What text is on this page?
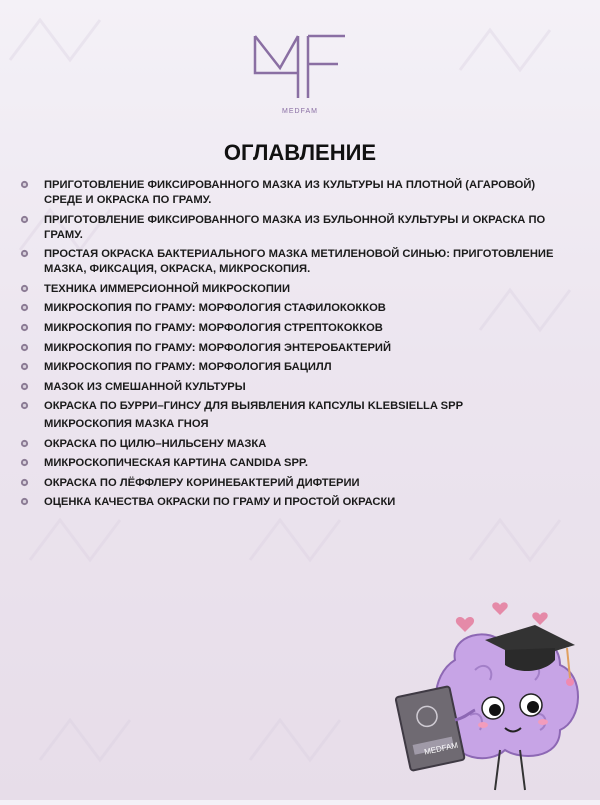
MEDFAM
ОГЛАВЛЕНИЕ
ПРИГОТОВЛЕНИЕ ФИКСИРОВАННОГО МАЗКА ИЗ КУЛЬТУРЫ НА ПЛОТНОЙ (АГАРОВОЙ) СРЕДЕ И ОКРАСКА ПО ГРАМУ.
ПРИГОТОВЛЕНИЕ ФИКСИРОВАННОГО МАЗКА ИЗ БУЛЬОННОЙ КУЛЬТУРЫ И ОКРАСКА ПО ГРАМУ.
ПРОСТАЯ ОКРАСКА БАКТЕРИАЛЬНОГО МАЗКА МЕТИЛЕНОВОЙ СИНЬЮ: ПРИГОТОВЛЕНИЕ МАЗКА, ФИКСАЦИЯ, ОКРАСКА, МИКРОСКОПИЯ.
ТЕХНИКА ИММЕРСИОННОЙ МИКРОСКОПИИ
МИКРОСКОПИЯ ПО ГРАМУ: МОРФОЛОГИЯ СТАФИЛОКОККОВ
МИКРОСКОПИЯ ПО ГРАМУ: МОРФОЛОГИЯ СТРЕПТОКОККОВ
МИКРОСКОПИЯ ПО ГРАМУ: МОРФОЛОГИЯ ЭНТЕРОБАКТЕРИЙ
МИКРОСКОПИЯ ПО ГРАМУ: МОРФОЛОГИЯ БАЦИЛЛ
МАЗОК ИЗ СМЕШАННОЙ КУЛЬТУРЫ
ОКРАСКА ПО БУРРИ–ГИНСУ ДЛЯ ВЫЯВЛЕНИЯ КАПСУЛЫ KLEBSIELLA SPP
МИКРОСКОПИЯ МАЗКА ГНОЯ
ОКРАСКА ПО ЦИЛЮ–НИЛЬСЕНУ МАЗКА
МИКРОСКОПИЧЕСКАЯ КАРТИНА CANDIDA SPP.
ОКРАСКА ПО ЛЁФФЛЕРУ КОРИНЕБАКТЕРИЙ ДИФТЕРИИ
ОЦЕНКА КАЧЕСТВА ОКРАСКИ ПО ГРАМУ И ПРОСТОЙ ОКРАСКИ
MEDFAM
